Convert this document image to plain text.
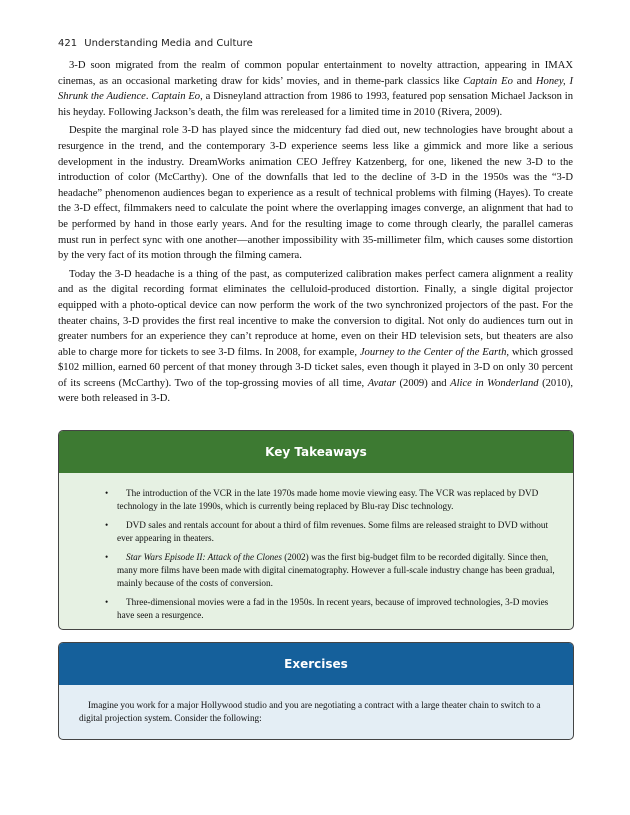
421 Understanding Media and Culture

3-D soon migrated from the realm of common popular entertainment to novelty attraction, appearing in IMAX cinemas, as an occasional marketing draw for kids’ movies, and in theme-park classics like Captain Eo and Honey, I Shrunk the Audience. Captain Eo, a Disneyland attraction from 1986 to 1993, featured pop sensation Michael Jackson in his heyday. Following Jackson’s death, the film was rereleased for a limited time in 2010 (Rivera, 2009).

Despite the marginal role 3-D has played since the midcentury fad died out, new technologies have brought about a resurgence in the trend, and the contemporary 3-D experience seems less like a gimmick and more like a serious development in the industry. DreamWorks animation CEO Jeffrey Katzenberg, for one, likened the new 3-D to the introduction of color (McCarthy). One of the downfalls that led to the decline of 3-D in the 1950s was the “3-D headache” phenomenon audiences began to experience as a result of technical problems with filming (Hayes). To create the 3-D effect, filmmakers need to calculate the point where the overlapping images converge, an alignment that had to be performed by hand in those early years. And for the resulting image to come through clearly, the parallel cameras must run in perfect sync with one another—another impossibility with 35-millimeter film, which causes some distortion by the very fact of its motion through the filming camera.

Today the 3-D headache is a thing of the past, as computerized calibration makes perfect camera alignment a reality and as the digital recording format eliminates the celluloid-produced distortion. Finally, a single digital projector equipped with a photo-optical device can now perform the work of the two synchronized projectors of the past. For the theater chains, 3-D provides the first real incentive to make the conversion to digital. Not only do audiences turn out in greater numbers for an experience they can’t reproduce at home, even on their HD television sets, but theaters are also able to charge more for tickets to see 3-D films. In 2008, for example, Journey to the Center of the Earth, which grossed $102 million, earned 60 percent of that money through 3-D ticket sales, even though it played in 3-D on only 30 percent of its screens (McCarthy). Two of the top-grossing movies of all time, Avatar (2009) and Alice in Wonderland (2010), were both released in 3-D.

Key Takeaways
• The introduction of the VCR in the late 1970s made home movie viewing easy. The VCR was replaced by DVD technology in the late 1990s, which is currently being replaced by Blu-ray Disc technology.
• DVD sales and rentals account for about a third of film revenues. Some films are released straight to DVD without ever appearing in theaters.
• Star Wars Episode II: Attack of the Clones (2002) was the first big-budget film to be recorded digitally. Since then, many more films have been made with digital cinematography. However a full-scale industry change has been gradual, mainly because of the costs of conversion.
• Three-dimensional movies were a fad in the 1950s. In recent years, because of improved technologies, 3-D movies have seen a resurgence.
Exercises

Imagine you work for a major Hollywood studio and you are negotiating a contract with a large theater chain to switch to a digital projection system. Consider the following:
